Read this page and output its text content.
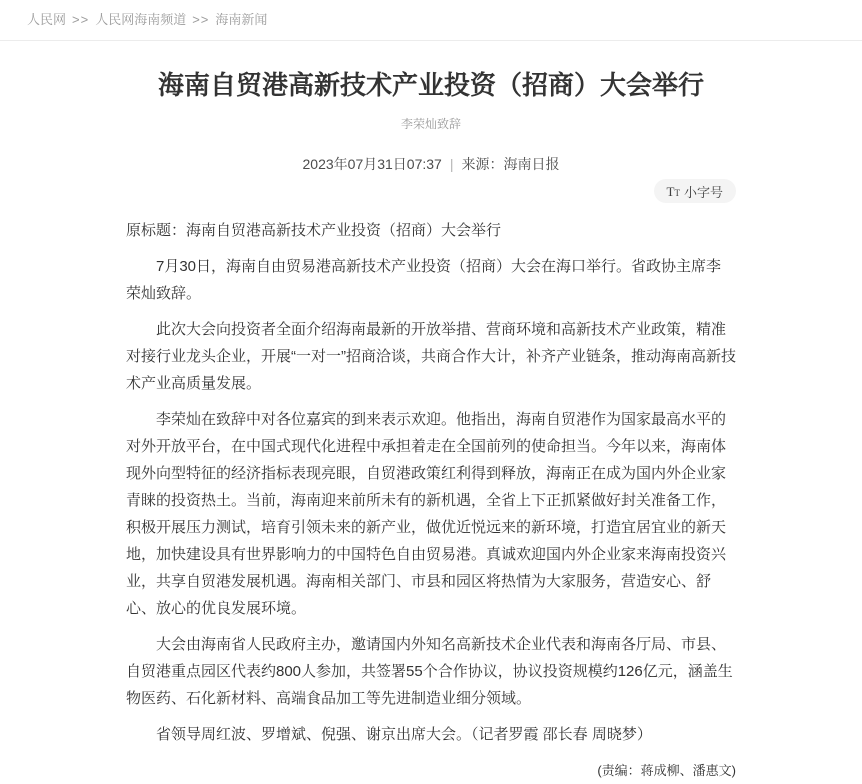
人民网 >> 人民网海南频道 >> 海南新闻
海南自贸港高新技术产业投资（招商）大会举行
李荣灿致辞
2023年07月31日07:37 | 来源：海南日报
T T 小字号

原标题：海南自贸港高新技术产业投资（招商）大会举行

7月30日，海南自由贸易港高新技术产业投资（招商）大会在海口举行。省政协主席李荣灿致辞。

此次大会向投资者全面介绍海南最新的开放举措、营商环境和高新技术产业政策，精准对接行业龙头企业，开展“一对一”招商洽谈，共商合作大计，补齐产业链条，推动海南高新技术产业高质量发展。

李荣灿在致辞中对各位嘉宾的到来表示欢迎。他指出，海南自贸港作为国家最高水平的对外开放平台，在中国式现代化进程中承担着走在全国前列的使命担当。今年以来，海南体现外向型特征的经济指标表现亮眼，自贸港政策红利得到释放，海南正在成为国内外企业家青睐的投资热土。当前，海南迎来前所未有的新机遇，全省上下正抓紧做好封关准备工作，积极开展压力测试，培育引领未来的新产业，做优近悦远来的新环境，打造宜居宜业的新天地，加快建设具有世界影响力的中国特色自由贸易港。真诚欢迎国内外企业家来海南投资兴业，共享自贸港发展机遇。海南相关部门、市县和园区将热情为大家服务，营造安心、舒心、放心的优良发展环境。

大会由海南省人民政府主办，邀请国内外知名高新技术企业代表和海南各厅局、市县、自贸港重点园区代表约800人参加，共签署55个合作协议，协议投资规模约126亿元，涵盖生物医药、石化新材料、高端食品加工等先进制造业细分领域。

省领导周红波、罗增斌、倪强、谢京出席大会。（记者罗霞 邵长春 周晓梦）

(责编：蒋成柳、潘惠文)
